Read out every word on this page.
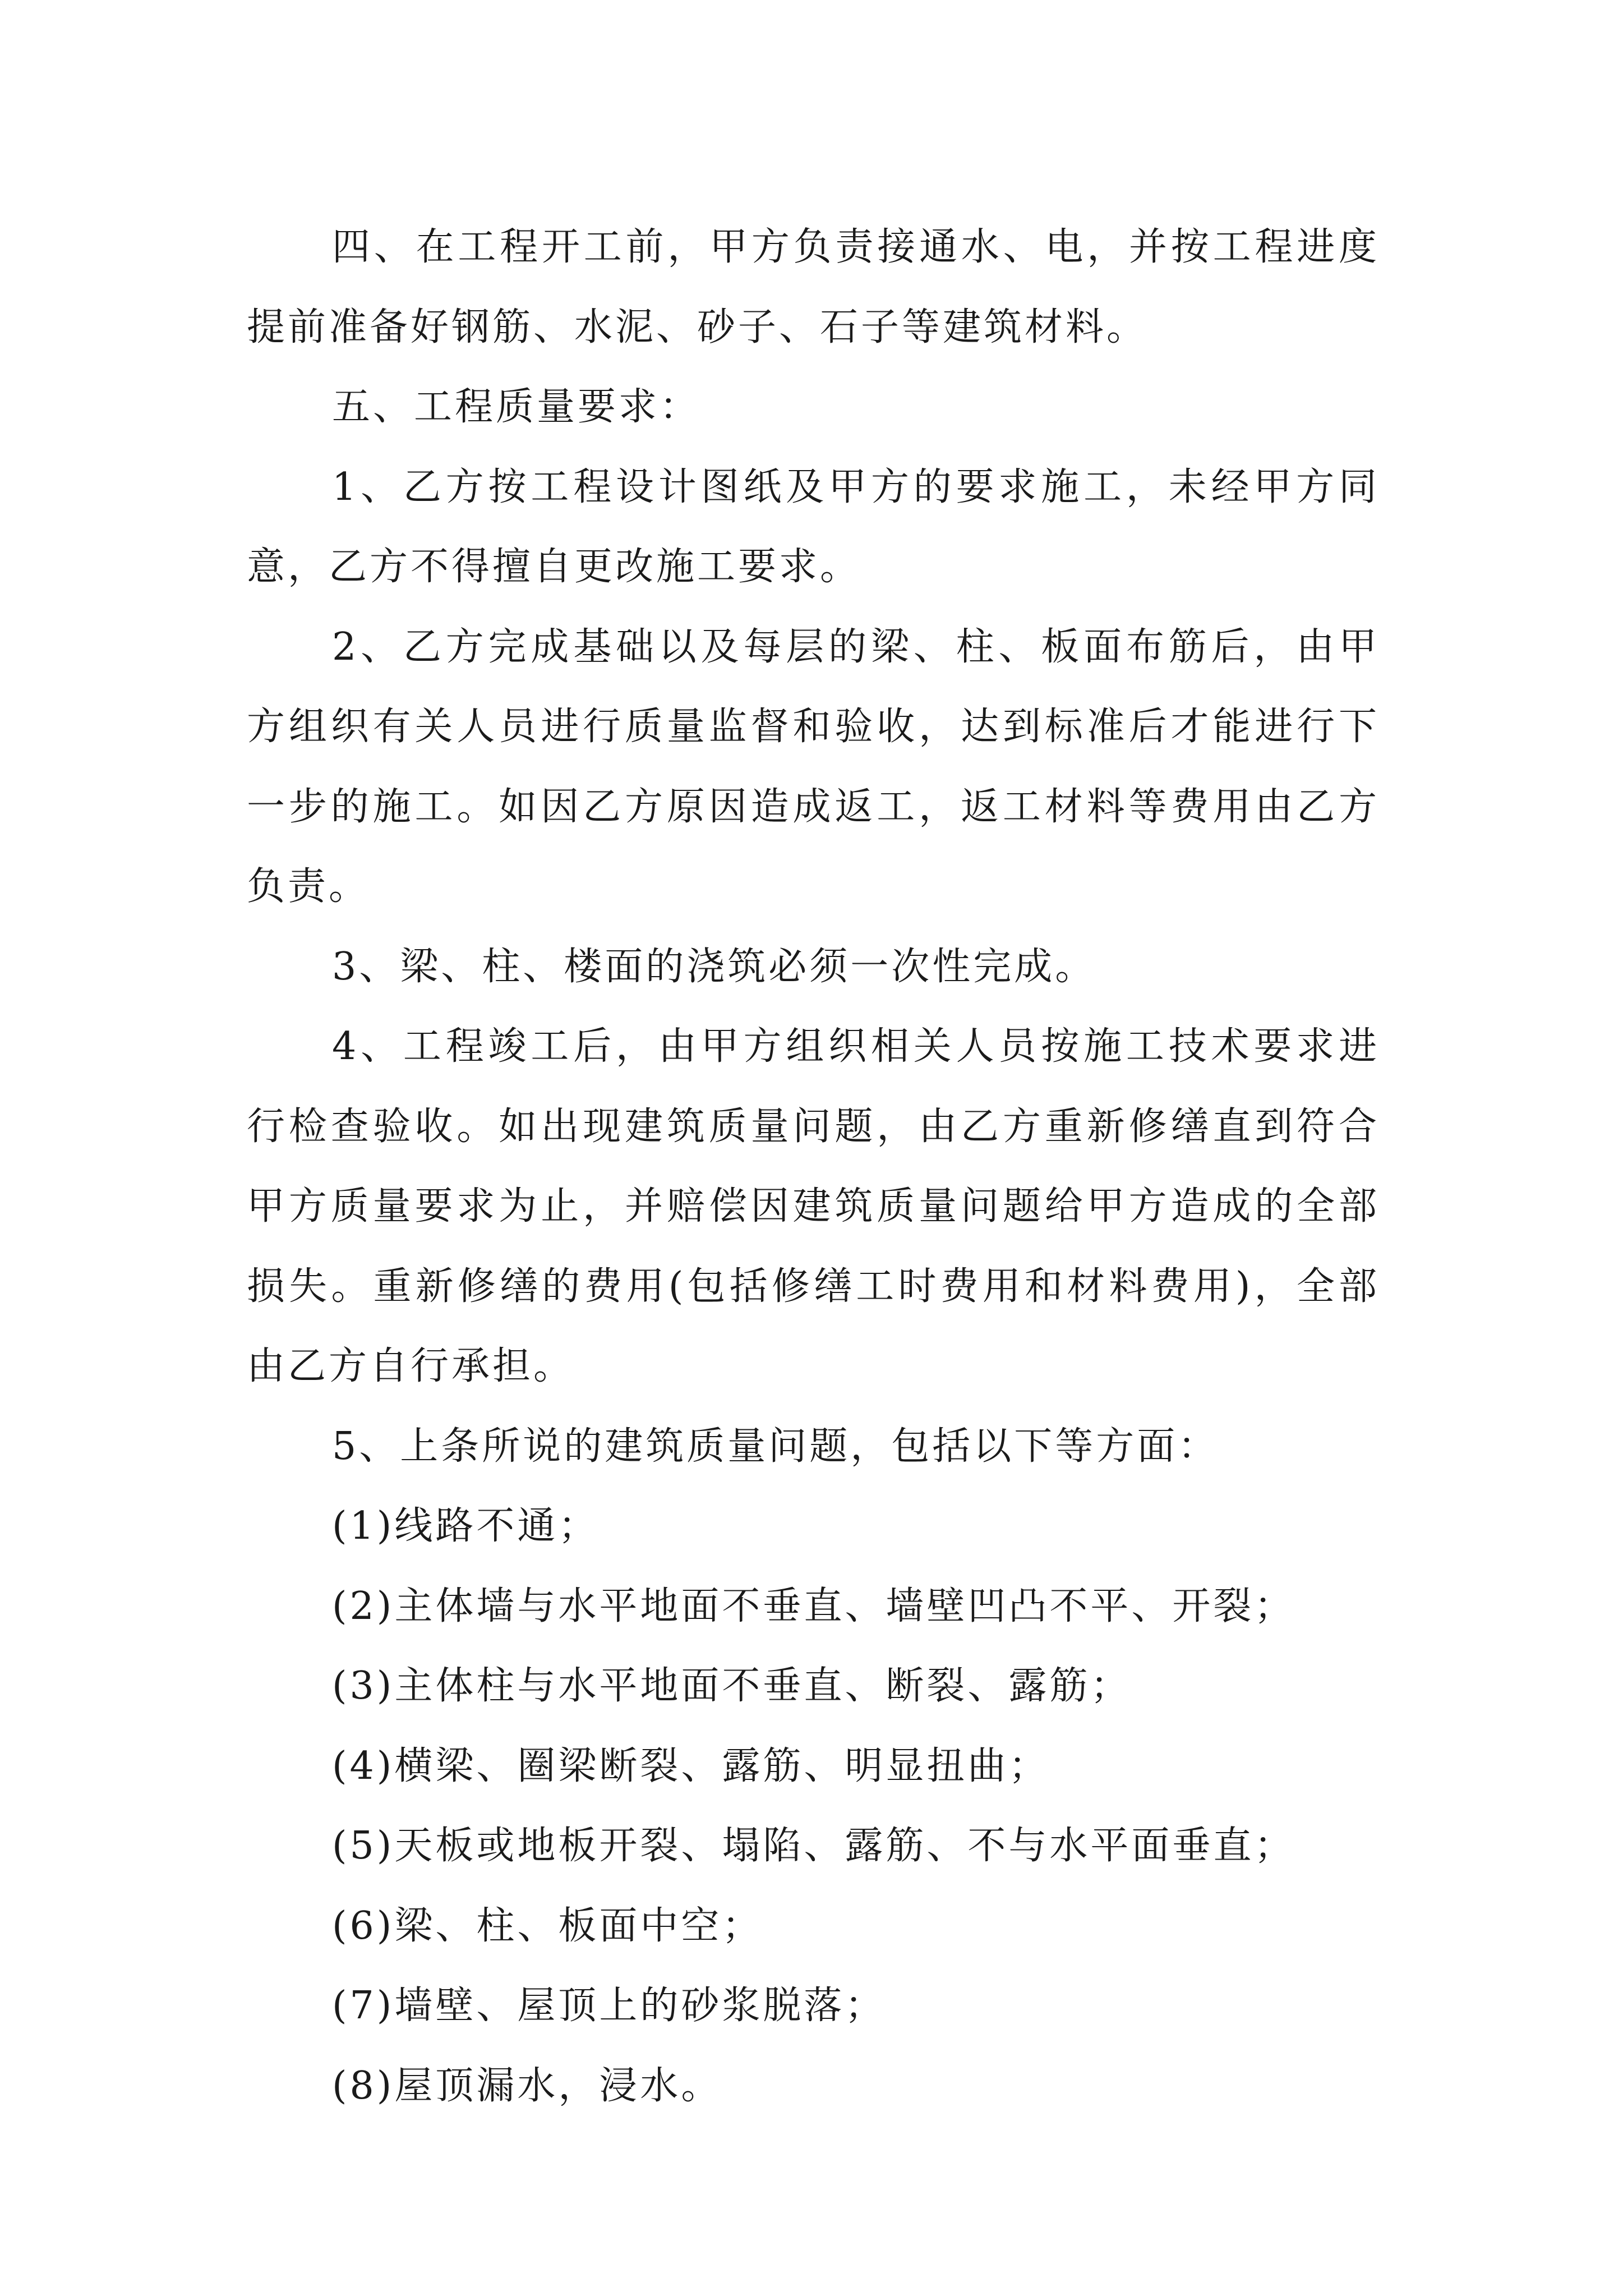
四、在工程开工前，甲方负责接通水、电，并按工程进度提前准备好钢筋、水泥、砂子、石子等建筑材料。

五、工程质量要求：

1、乙方按工程设计图纸及甲方的要求施工，未经甲方同意，乙方不得擅自更改施工要求。

2、乙方完成基础以及每层的梁、柱、板面布筋后，由甲方组织有关人员进行质量监督和验收，达到标准后才能进行下一步的施工。如因乙方原因造成返工，返工材料等费用由乙方负责。

3、梁、柱、楼面的浇筑必须一次性完成。

4、工程竣工后，由甲方组织相关人员按施工技术要求进行检查验收。如出现建筑质量问题，由乙方重新修缮直到符合甲方质量要求为止，并赔偿因建筑质量问题给甲方造成的全部损失。重新修缮的费用(包括修缮工时费用和材料费用)，全部由乙方自行承担。

5、上条所说的建筑质量问题，包括以下等方面：

(1)线路不通；

(2)主体墙与水平地面不垂直、墙壁凹凸不平、开裂；

(3)主体柱与水平地面不垂直、断裂、露筋；

(4)横梁、圈梁断裂、露筋、明显扭曲；

(5)天板或地板开裂、塌陷、露筋、不与水平面垂直；

(6)梁、柱、板面中空；

(7)墙壁、屋顶上的砂浆脱落；

(8)屋顶漏水，浸水。
